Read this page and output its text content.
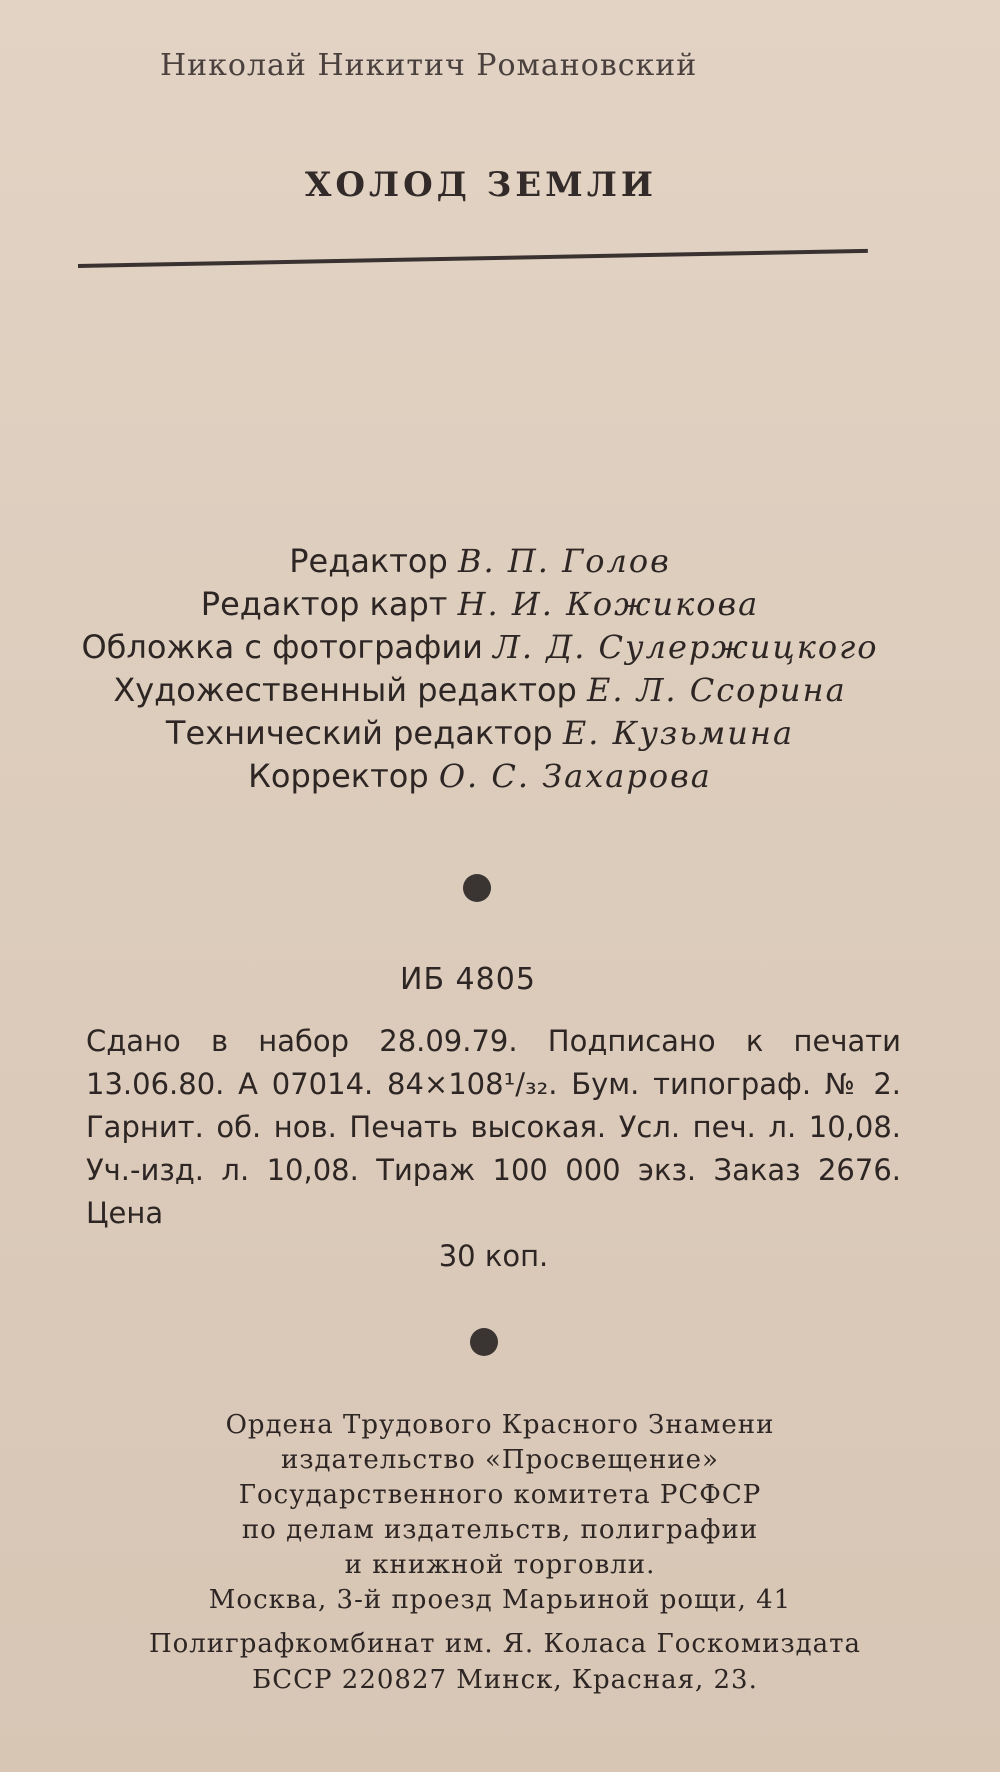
Николай Никитич Романовский
ХОЛОД ЗЕМЛИ
Редактор В. П. Голов
Редактор карт Н. И. Кожикова
Обложка с фотографии Л. Д. Сулержицкого
Художественный редактор Е. Л. Ссорина
Технический редактор Е. Кузьмина
Корректор О. С. Захарова
ИБ 4805
Сдано в набор 28.09.79. Подписано к печати 13.06.80. А 07014. 84×108¹/₃₂. Бум. типограф. № 2. Гарнит. об. нов. Печать высокая. Усл. печ. л. 10,08. Уч.-изд. л. 10,08. Тираж 100 000 экз. Заказ 2676. Цена
30 коп.
Ордена Трудового Красного Знамени
издательство «Просвещение»
Государственного комитета РСФСР
по делам издательств, полиграфии
и книжной торговли.
Москва, 3-й проезд Марьиной рощи, 41
Полиграфкомбинат им. Я. Коласа Госкомиздата
БССР 220827 Минск, Красная, 23.
